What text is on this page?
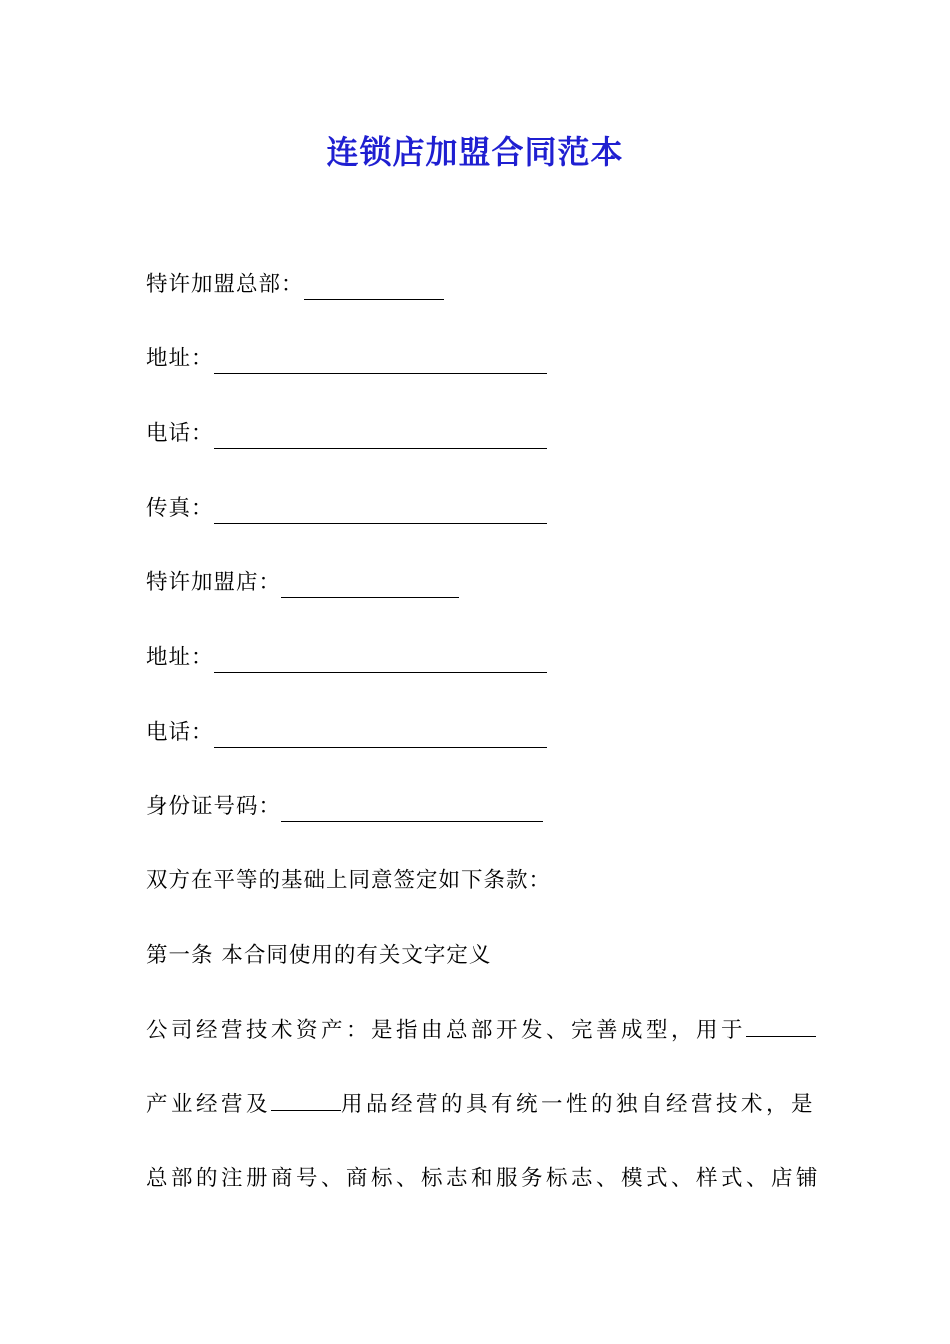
连锁店加盟合同范本
特许加盟总部：
地址：
电话：
传真：
特许加盟店：
地址：
电话：
身份证号码：
双方在平等的基础上同意签定如下条款：
第一条 本合同使用的有关文字定义
公司经营技术资产：是指由总部开发、完善成型，用于
产业经营及	用品经营的具有统一性的独自经营技术，是
总部的注册商号、商标、标志和服务标志、模式、样式、店铺
